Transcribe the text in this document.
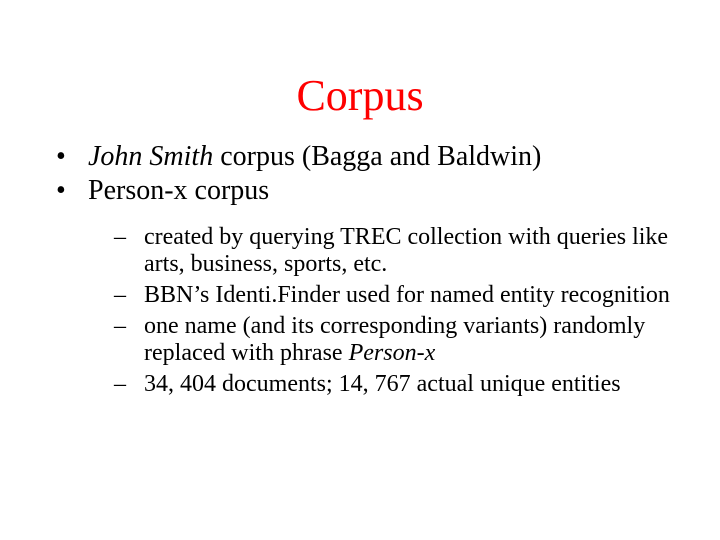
Corpus

• John Smith corpus (Bagga and Baldwin)

• Person-x corpus

– created by querying TREC collection with queries like arts, business, sports, etc.

– BBN’s Identi.Finder used for named entity recognition

– one name (and its corresponding variants) randomly replaced with phrase Person-x

– 34, 404 documents; 14, 767 actual unique entities
